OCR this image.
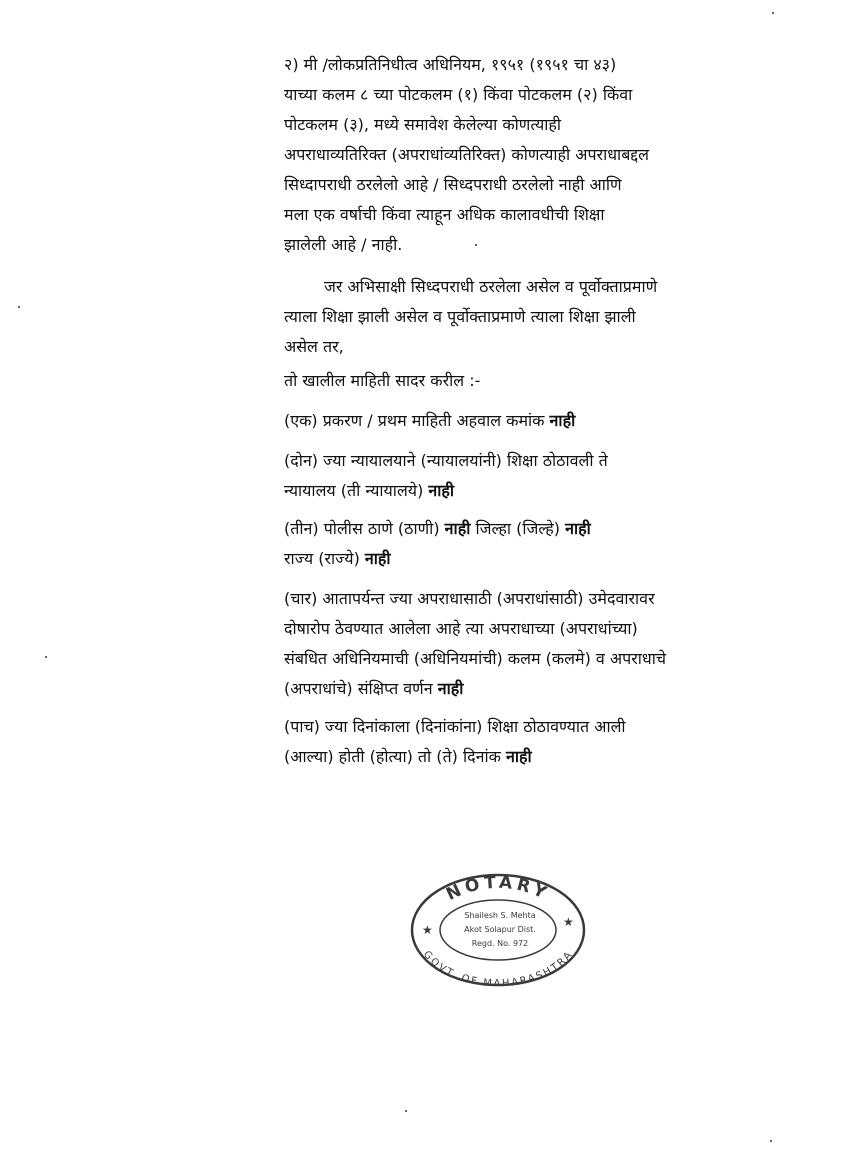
२) मी /लोकप्रतिनिधीत्व अधिनियम, १९५१ (१९५१ चा ४३)
याच्या कलम ८ च्या पोटकलम (१) किंवा पोटकलम (२) किंवा
पोटकलम (३), मध्ये समावेश केलेल्या कोणत्याही
अपराधाव्यतिरिक्त (अपराधांव्यतिरिक्त) कोणत्याही अपराधाबद्दल
सिध्दापराधी ठरलेलो आहे / सिध्दपराधी ठरलेलो नाही आणि
मला एक वर्षाची किंवा त्याहून अधिक कालावधीची शिक्षा
झालेली आहे / नाही.
जर अभिसाक्षी सिध्दपराधी ठरलेला असेल व पूर्वोक्ताप्रमाणे
त्याला शिक्षा झाली असेल व पूर्वोक्ताप्रमाणे त्याला शिक्षा झाली
असेल तर,

तो खालील माहिती सादर करील :-

(एक) प्रकरण / प्रथम माहिती अहवाल कमांक नाही

(दोन) ज्या न्यायालयाने (न्यायालयांनी) शिक्षा ठोठावली ते
न्यायालय (ती न्यायालये) नाही
(तीन) पोलीस ठाणे (ठाणी) नाही जिल्हा (जिल्हे) नाही
राज्य (राज्ये) नाही
(चार) आतापर्यन्त ज्या अपराधासाठी (अपराधांसाठी) उमेदवारावर
दोषारोप ठेवण्यात आलेला आहे त्या अपराधाच्या (अपराधांच्या)
संबधित अधिनियमाची (अधिनियमांची) कलम (कलमे) व अपराधाचे
(अपराधांचे) संक्षिप्त वर्णन नाही
(पाच) ज्या दिनांकाला (दिनांकांना) शिक्षा ठोठावण्यात आली
(आल्या) होती (होत्या) तो (ते) दिनांक नाही
NOTARY
GOVT. OF MAHARASHTRA
★
★
Shailesh S. Mehta
Akot Solapur Dist.
Regd. No. 972
